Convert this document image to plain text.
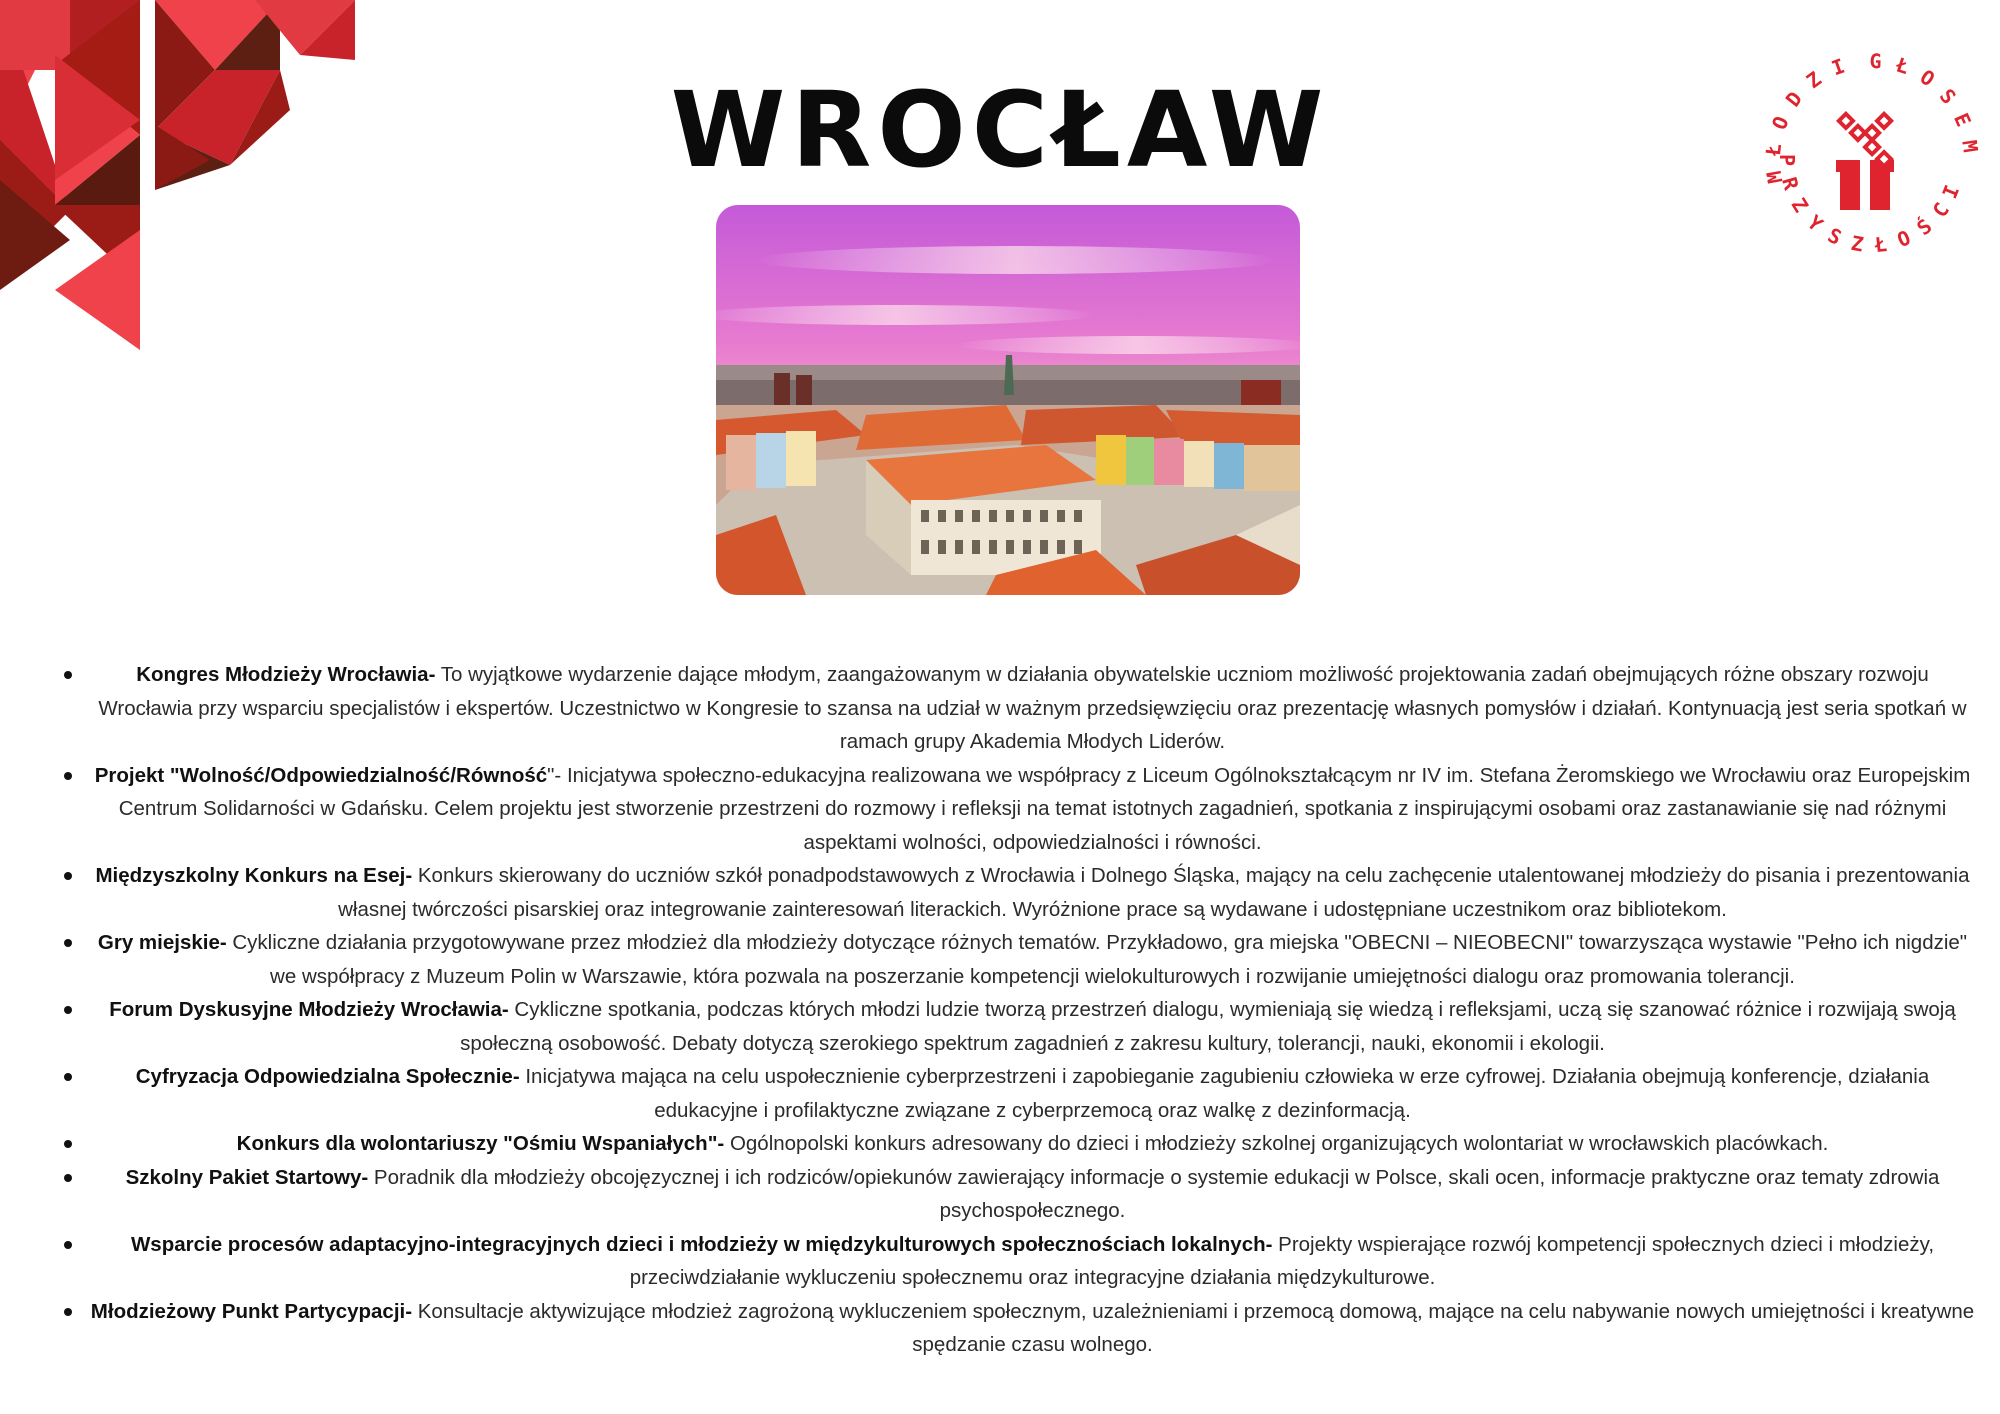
WROCŁAW	M
Ł
O
D
Z I G Ł O
S
E
M
I
C
Ś
O
Ł
Z
S
Y
Z
R
P
Kongres Młodzieży Wrocławia- To wyjątkowe wydarzenie dające młodym, zaangażowanym w działania obywatelskie uczniom możliwość projektowania zadań obejmujących różne obszary rozwoju Wrocławia przy wsparciu specjalistów i ekspertów. Uczestnictwo w Kongresie to szansa na udział w ważnym przedsięwzięciu oraz prezentację własnych pomysłów i działań. Kontynuacją jest seria spotkań w ramach grupy Akademia Młodych Liderów.
Projekt "Wolność/Odpowiedzialność/Równość"- Inicjatywa społeczno-edukacyjna realizowana we współpracy z Liceum Ogólnokształcącym nr IV im. Stefana Żeromskiego we Wrocławiu oraz Europejskim Centrum Solidarności w Gdańsku. Celem projektu jest stworzenie przestrzeni do rozmowy i refleksji na temat istotnych zagadnień, spotkania z inspirującymi osobami oraz zastanawianie się nad różnymi aspektami wolności, odpowiedzialności i równości.
Międzyszkolny Konkurs na Esej- Konkurs skierowany do uczniów szkół ponadpodstawowych z Wrocławia i Dolnego Śląska, mający na celu zachęcenie utalentowanej młodzieży do pisania i prezentowania własnej twórczości pisarskiej oraz integrowanie zainteresowań literackich. Wyróżnione prace są wydawane i udostępniane uczestnikom oraz bibliotekom.
Gry miejskie- Cykliczne działania przygotowywane przez młodzież dla młodzieży dotyczące różnych tematów. Przykładowo, gra miejska "OBECNI – NIEOBECNI" towarzysząca wystawie "Pełno ich nigdzie" we współpracy z Muzeum Polin w Warszawie, która pozwala na poszerzanie kompetencji wielokulturowych i rozwijanie umiejętności dialogu oraz promowania tolerancji.
Forum Dyskusyjne Młodzieży Wrocławia- Cykliczne spotkania, podczas których młodzi ludzie tworzą przestrzeń dialogu, wymieniają się wiedzą i refleksjami, uczą się szanować różnice i rozwijają swoją społeczną osobowość. Debaty dotyczą szerokiego spektrum zagadnień z zakresu kultury, tolerancji, nauki, ekonomii i ekologii.
Cyfryzacja Odpowiedzialna Społecznie- Inicjatywa mająca na celu uspołecznienie cyberprzestrzeni i zapobieganie zagubieniu człowieka w erze cyfrowej. Działania obejmują konferencje, działania edukacyjne i profilaktyczne związane z cyberprzemocą oraz walkę z dezinformacją.
Konkurs dla wolontariuszy "Ośmiu Wspaniałych"- Ogólnopolski konkurs adresowany do dzieci i młodzieży szkolnej organizujących wolontariat w wrocławskich placówkach.
Szkolny Pakiet Startowy- Poradnik dla młodzieży obcojęzycznej i ich rodziców/opiekunów zawierający informacje o systemie edukacji w Polsce, skali ocen, informacje praktyczne oraz tematy zdrowia psychospołecznego.
Wsparcie procesów adaptacyjno-integracyjnych dzieci i młodzieży w międzykulturowych społecznościach lokalnych- Projekty wspierające rozwój kompetencji społecznych dzieci i młodzieży, przeciwdziałanie wykluczeniu społecznemu oraz integracyjne działania międzykulturowe.
Młodzieżowy Punkt Partycypacji- Konsultacje aktywizujące młodzież zagrożoną wykluczeniem społecznym, uzależnieniami i przemocą domową, mające na celu nabywanie nowych umiejętności i kreatywne spędzanie czasu wolnego.
